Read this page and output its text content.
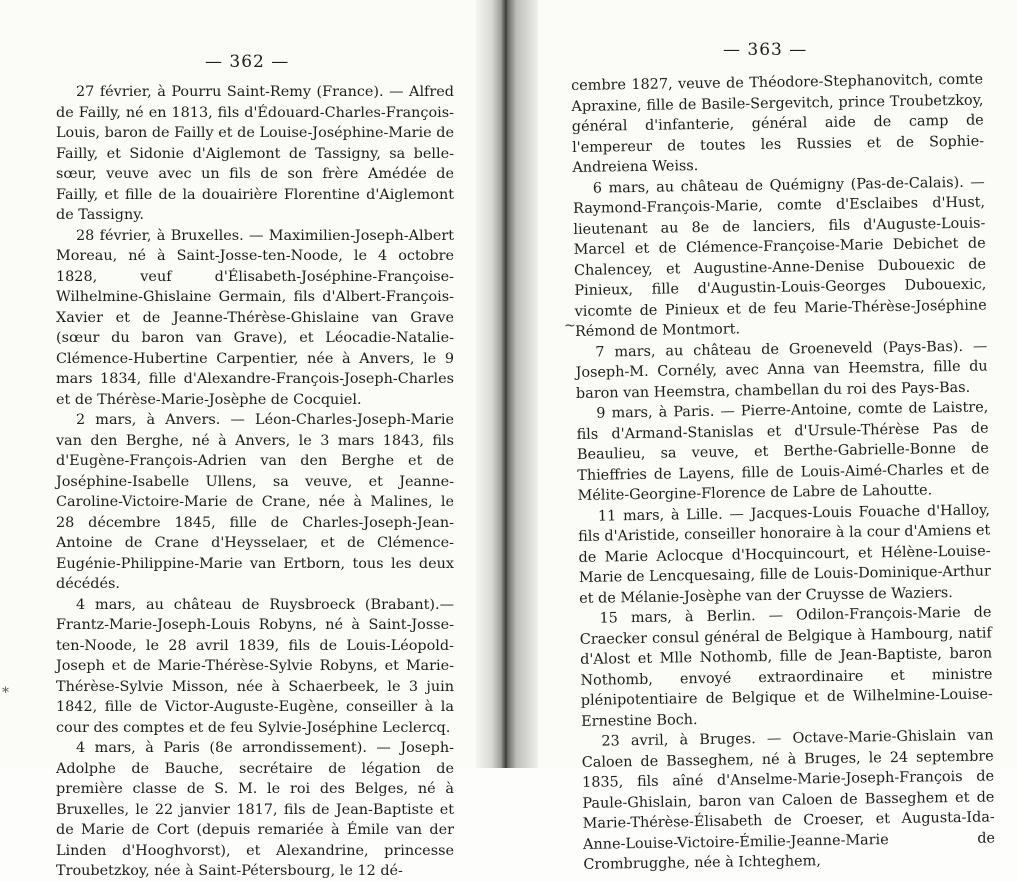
— 362 —

27 février, à Pourru Saint-Remy (France). — Alfred de Failly, né en 1813, fils d'Édouard-Charles-François-Louis, baron de Failly et de Louise-Joséphine-Marie de Failly, et Sidonie d'Aiglemont de Tassigny, sa belle-sœur, veuve avec un fils de son frère Amédée de Failly, et fille de la douairière Florentine d'Aiglemont de Tassigny.

28 février, à Bruxelles. — Maximilien-Joseph-Albert Moreau, né à Saint-Josse-ten-Noode, le 4 octobre 1828, veuf d'Élisabeth-Joséphine-Françoise-Wilhelmine-Ghislaine Germain, fils d'Albert-François-Xavier et de Jeanne-Thérèse-Ghislaine van Grave (sœur du baron van Grave), et Léocadie-Natalie-Clémence-Hubertine Carpentier, née à Anvers, le 9 mars 1834, fille d'Alexandre-François-Joseph-Charles et de Thérèse-Marie-Josèphe de Cocquiel.

2 mars, à Anvers. — Léon-Charles-Joseph-Marie van den Berghe, né à Anvers, le 3 mars 1843, fils d'Eugène-François-Adrien van den Berghe et de Joséphine-Isabelle Ullens, sa veuve, et Jeanne-Caroline-Victoire-Marie de Crane, née à Malines, le 28 décembre 1845, fille de Charles-Joseph-Jean-Antoine de Crane d'Heysselaer, et de Clémence-Eugénie-Philippine-Marie van Ertborn, tous les deux décédés.

4 mars, au château de Ruysbroeck (Brabant).—Frantz-Marie-Joseph-Louis Robyns, né à Saint-Josse-ten-Noode, le 28 avril 1839, fils de Louis-Léopold-Joseph et de Marie-Thérèse-Sylvie Robyns, et Marie-Thérèse-Sylvie Misson, née à Schaerbeek, le 3 juin 1842, fille de Victor-Auguste-Eugène, conseiller à la cour des comptes et de feu Sylvie-Joséphine Leclercq.

4 mars, à Paris (8e arrondissement). — Joseph-Adolphe de Bauche, secrétaire de légation de première classe de S. M. le roi des Belges, né à Bruxelles, le 22 janvier 1817, fils de Jean-Baptiste et de Marie de Cort (depuis remariée à Émile van der Linden d'Hooghvorst), et Alexandrine, princesse Troubetzkoy, née à Saint-Pétersbourg, le 12 dé-

— 363 —

cembre 1827, veuve de Théodore-Stephanovitch, comte Apraxine, fille de Basile-Sergevitch, prince Troubetzkoy, général d'infanterie, général aide de camp de l'empereur de toutes les Russies et de Sophie-Andreiena Weiss.

6 mars, au château de Quémigny (Pas-de-Calais). — Raymond-François-Marie, comte d'Esclaibes d'Hust, lieutenant au 8e de lanciers, fils d'Auguste-Louis-Marcel et de Clémence-Françoise-Marie Debichet de Chalencey, et Augustine-Anne-Denise Dubouexic de Pinieux, fille d'Augustin-Louis-Georges Dubouexic, vicomte de Pinieux et de feu Marie-Thérèse-Joséphine Rémond de Montmort.

7 mars, au château de Groeneveld (Pays-Bas). — Joseph-M. Cornély, avec Anna van Heemstra, fille du baron van Heemstra, chambellan du roi des Pays-Bas.

9 mars, à Paris. — Pierre-Antoine, comte de Laistre, fils d'Armand-Stanislas et d'Ursule-Thérèse Pas de Beaulieu, sa veuve, et Berthe-Gabrielle-Bonne de Thieffries de Layens, fille de Louis-Aimé-Charles et de Mélite-Georgine-Florence de Labre de Lahoutte.

11 mars, à Lille. — Jacques-Louis Fouache d'Halloy, fils d'Aristide, conseiller honoraire à la cour d'Amiens et de Marie Aclocque d'Hocquincourt, et Hélène-Louise-Marie de Lencquesaing, fille de Louis-Dominique-Arthur et de Mélanie-Josèphe van der Cruysse de Waziers.

15 mars, à Berlin. — Odilon-François-Marie de Craecker consul général de Belgique à Hambourg, natif d'Alost et Mlle Nothomb, fille de Jean-Baptiste, baron Nothomb, envoyé extraordinaire et ministre plénipotentiaire de Belgique et de Wilhelmine-Louise-Ernestine Boch.

23 avril, à Bruges. — Octave-Marie-Ghislain van Caloen de Basseghem, né à Bruges, le 24 septembre 1835, fils aîné d'Anselme-Marie-Joseph-François de Paule-Ghislain, baron van Caloen de Basseghem et de Marie-Thérèse-Élisabeth de Croeser, et Augusta-Ida-Anne-Louise-Victoire-Émilie-Jeanne-Marie de Crombrugghe, née à Ichteghem,

*
~
